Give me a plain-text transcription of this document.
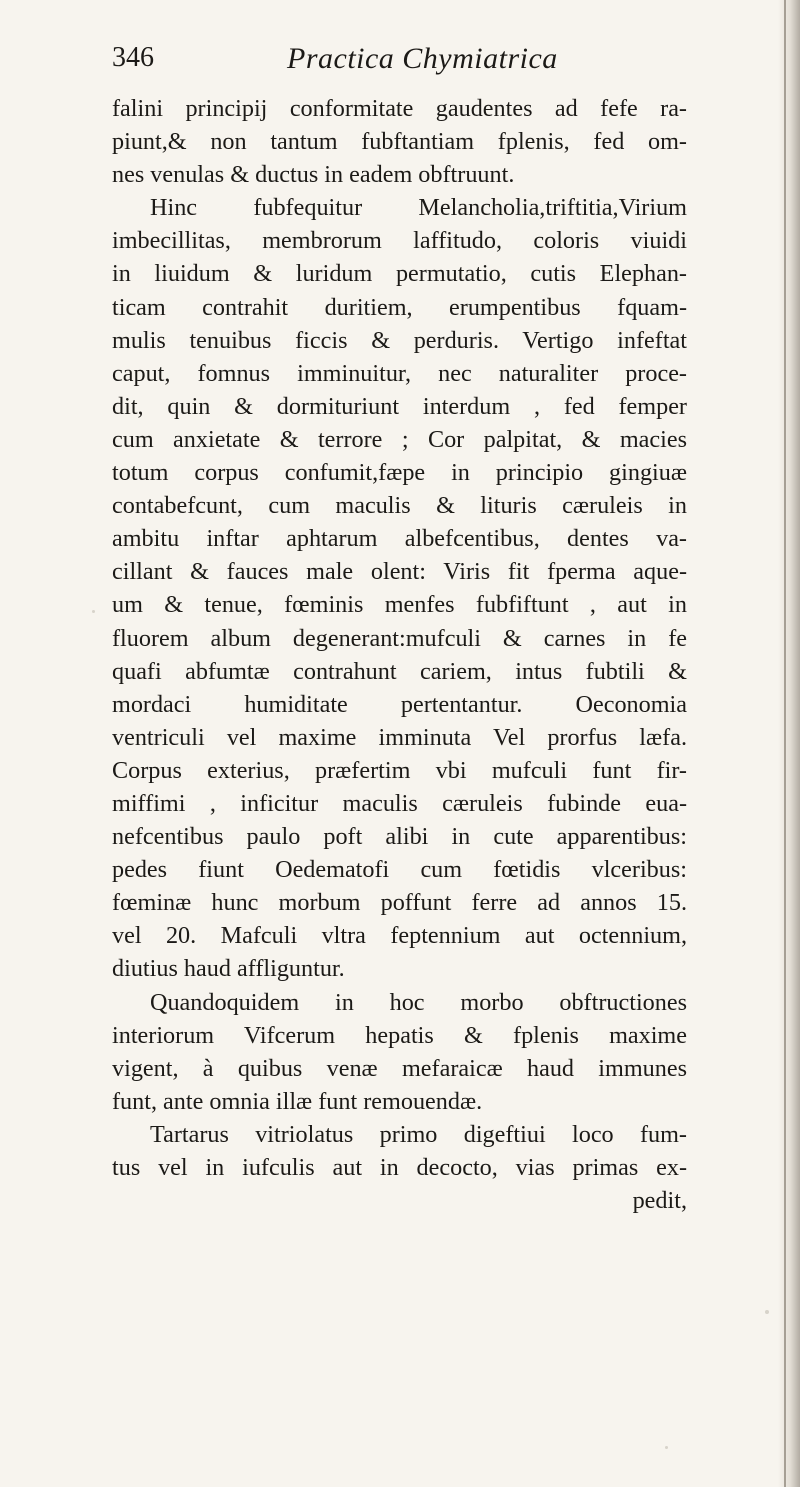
346	Practica Chymiatrica
falini principij conformitate gaudentes ad fefe ra-
piunt,& non tantum fubftantiam fplenis, fed om-
nes venulas & ductus in eadem obftruunt.
Hinc fubfequitur Melancholia,triftitia,Virium
imbecillitas, membrorum laffitudo, coloris viuidi
in liuidum & luridum permutatio, cutis Elephan-
ticam contrahit duritiem, erumpentibus fquam-
mulis tenuibus ficcis & perduris. Vertigo infeftat
caput, fomnus imminuitur, nec naturaliter proce-
dit, quin & dormituriunt interdum , fed femper
cum anxietate & terrore ; Cor palpitat, & macies
totum corpus confumit,fæpe in principio gingiuæ
contabefcunt, cum maculis & lituris cæruleis in
ambitu inftar aphtarum albefcentibus, dentes va-
cillant & fauces male olent: Viris fit fperma aque-
um & tenue, fœminis menfes fubfiftunt , aut in
fluorem album degenerant:mufculi & carnes in fe
quafi abfumtæ contrahunt cariem, intus fubtili &
mordaci humiditate pertentantur. Oeconomia
ventriculi vel maxime imminuta Vel prorfus læfa.
Corpus exterius, præfertim vbi mufculi funt fir-
miffimi , inficitur maculis cæruleis fubinde eua-
nefcentibus paulo poft alibi in cute apparentibus:
pedes fiunt Oedematofi cum fœtidis vlceribus:
fœminæ hunc morbum poffunt ferre ad annos 15.
vel 20. Mafculi vltra feptennium aut octennium,
diutius haud affliguntur.
Quandoquidem in hoc morbo obftructiones
interiorum Vifcerum hepatis & fplenis maxime
vigent, à quibus venæ mefaraicæ haud immunes
funt, ante omnia illæ funt remouendæ.
Tartarus vitriolatus primo digeftiui loco fum-
tus vel in iufculis aut in decocto, vias primas ex-
pedit,
